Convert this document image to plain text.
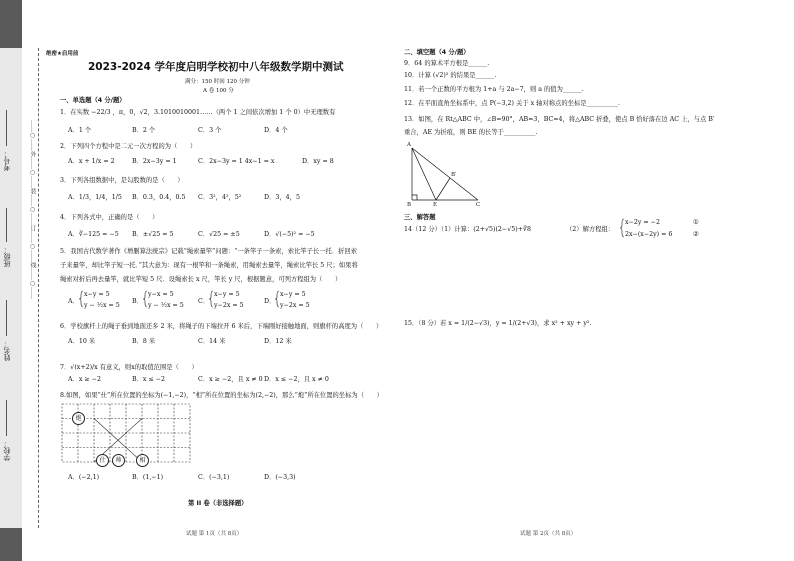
……○……外……○……装……○……订……○……线……○……
学校：
姓名：
班级：
考号：
绝密★启用前
2023-2024 学年度启明学校初中八年级数学期中测试
满分：150 时间 120 分钟
A 卷 100 分
一、单选题（4 分/题）
1．在实数 −22/3 ，π，0，√2，3.1010010001……（两个 1 之间依次增加 1 个 0）中无理数有
A．1 个	B．2 个	C．3 个	D．4 个
2．下列四个方程中是二元一次方程的为（　　）
A．x + 1/x = 2	B．2x−3y = 1	C．2x−3y = 1 4x−1 = x	D．xy = 8
3．下列各组数据中，是勾股数的是（　　）
A．1/3，1/4，1/5 B．0.3，0.4，0.5 C．3²，4²，5²	D．3，4，5
4．下列各式中，正确的是（　　）
A．∛−125 = −5 B．±√25 = 5	C．√25 = ±5	D．√(−5)² = −5
5．我国古代数学著作《增删算法统宗》记载“绳索量竿”问题：“一条竿子一条索，索比竿子长一托．折回索
子来量竿，却比竿子短一托．”其大意为：现有一根竿和一条绳索，用绳索去量竿，绳索比竿长 5 尺；如果将
绳索对折后再去量竿，就比竿短 5 尺．设绳索长 x 尺，竿长 y 尺，根据题意，可列方程组为（　　）
A．
x−y = 5
y − ½x = 5
B．
y−x = 5
y − ½x = 5
C．
x−y = 5
y−2x = 5
D．
x−y = 5
y−2x = 5
6．学校旗杆上的绳子垂到地面还多 2 米，将绳子的下端拉开 6 米后，下端刚好接触地面，则旗杆的高度为（　　）
A．10 米	B．8 米	C．14 米	D．12 米
7．√(x+2)/x 有意义，则x的取值范围是（　　）
A．x ≥ −2	B．x ≤ −2	C．x ≥ −2，且 x ≠ 0 D．x ≤ −2，且 x ≠ 0
8.如图，如果“仕”所在位置的坐标为(−1,−2)，“相”所在位置的坐标为(2,−2)，那么“炮”所在位置的坐标为（　　）
炮
仕	帅	相
A．(−2,1)	B．(1,−1)	C．(−3,1)	D．(−3,3)
第 II 卷（非选择题）
试题 第 1页（共 8页）
二、填空题（4 分/题）
9．64 的算术平方根是______.
10．计算 (√2)² 的结果是______.
11．若一个正数的平方根为 1+a 与 2a−7，则 a 的值为______.
12．在平面直角坐标系中，点 P(−3,2) 关于 x 轴对称点的坐标是__________.
13．如图，在 Rt△ABC 中，∠B=90°，AB=3，BC=4，将△ABC 折叠，使点 B 恰好落在边 AC 上，与点 B′
重合，AE 为折痕，则 BE 的长等于__________.
A
B	C
E
B′
三、解答题
14（12 分）（1）计算：(2+√5)(2−√5)+∛8	（2）解方程组：
x−2y = −2
2x−(x−2y) = 6
①
②
15．（8 分）若 x = 1/(2−√3)，y = 1/(2+√3)，求 x² + xy + y².
试题 第 2页（共 8页）
